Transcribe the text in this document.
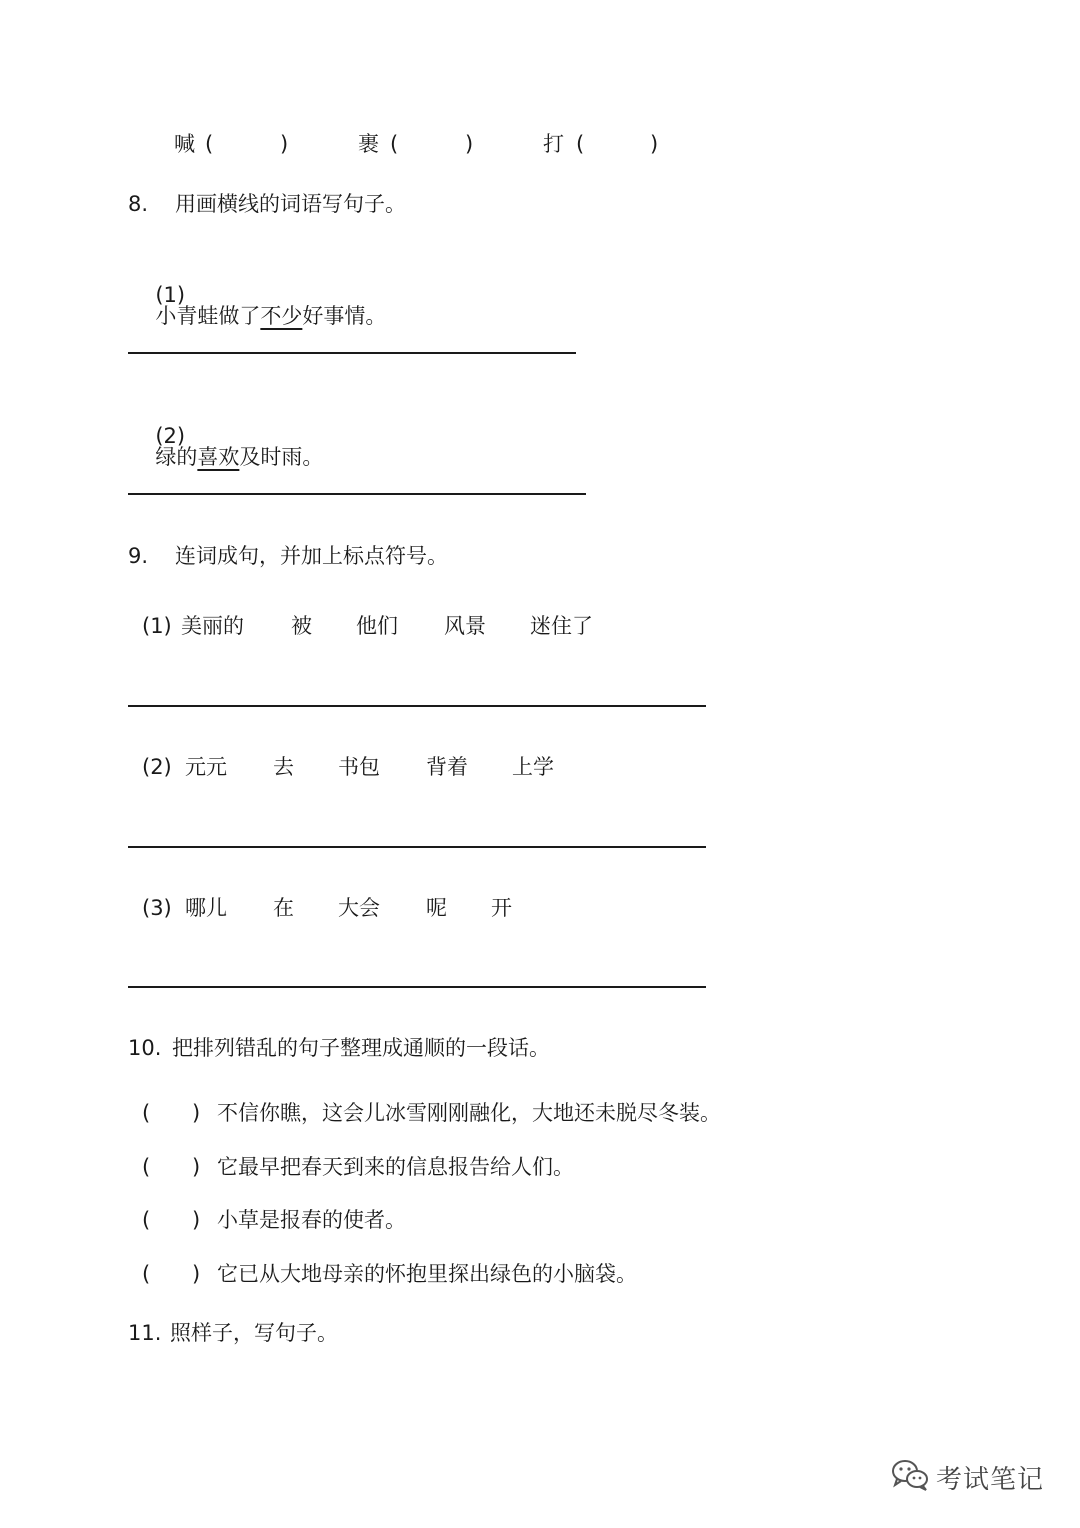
喊 (	)	裹 (	)	打 (	)
8. 用画横线的词语写句子。

(1)
小青蛙做了不少好事情。

(2)
绿的喜欢及时雨。

9. 连词成句，并加上标点符号。
(1) 美丽的 被 他们 风景 迷住了
(2) 元元 去 书包 背着 上学
(3) 哪儿 在 大会 呢 开
10. 把排列错乱的句子整理成通顺的一段话。
( ) 不信你瞧，这会儿冰雪刚刚融化，大地还未脱尽冬装。
( ) 它最早把春天到来的信息报告给人们。
( ) 小草是报春的使者。
( ) 它已从大地母亲的怀抱里探出绿色的小脑袋。
11. 照样子，写句子。
考试笔记
